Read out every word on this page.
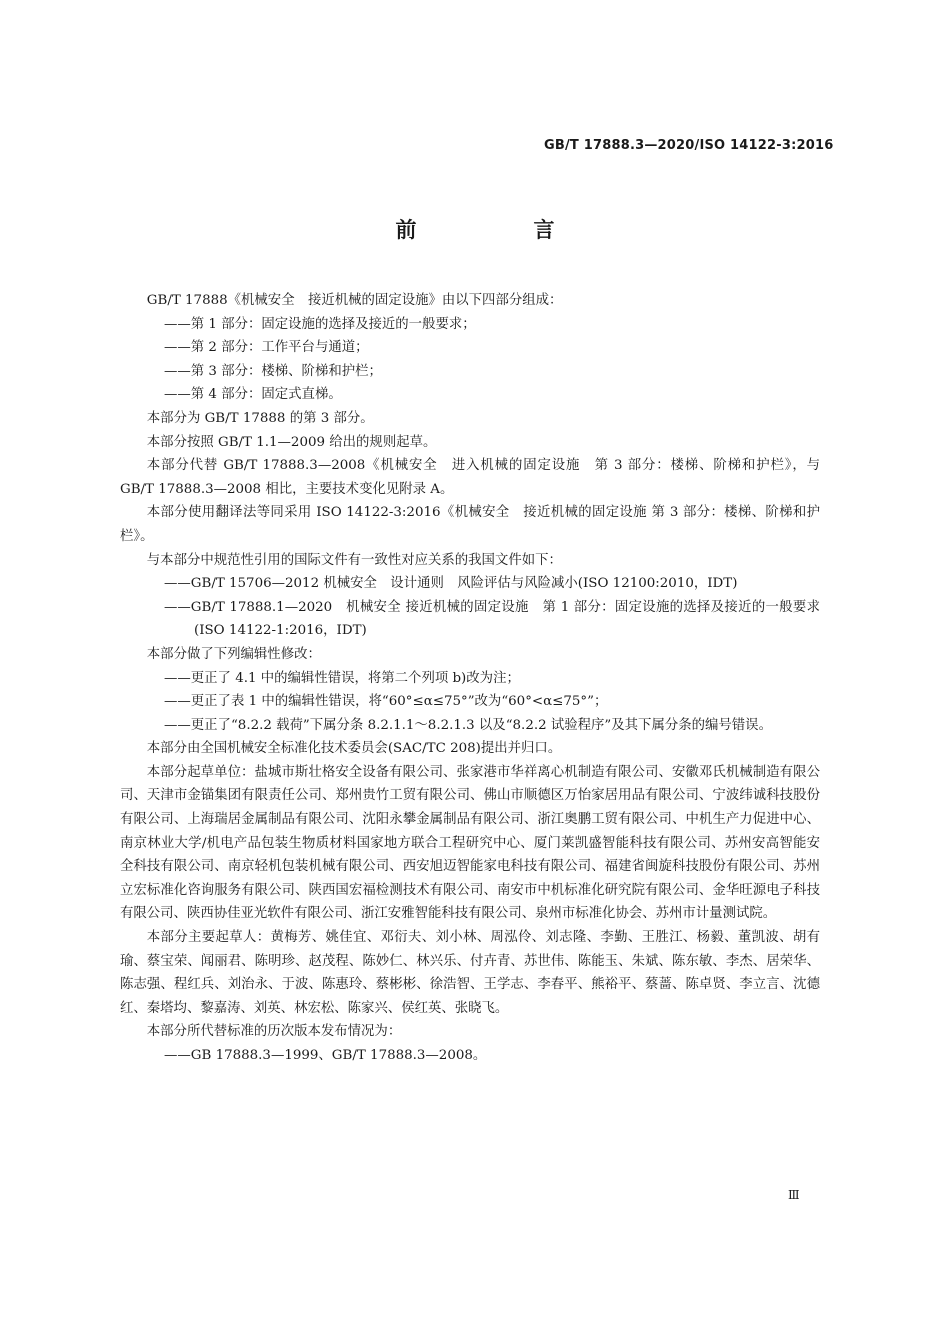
GB/T 17888.3—2020/ISO 14122-3:2016
前　言

GB/T 17888《机械安全　接近机械的固定设施》由以下四部分组成：

——第 1 部分：固定设施的选择及接近的一般要求；

——第 2 部分：工作平台与通道；

——第 3 部分：楼梯、阶梯和护栏；

——第 4 部分：固定式直梯。

本部分为 GB/T 17888 的第 3 部分。

本部分按照 GB/T 1.1—2009 给出的规则起草。

本部分代替 GB/T 17888.3—2008《机械安全　进入机械的固定设施　第 3 部分：楼梯、阶梯和护栏》，与 GB/T 17888.3—2008 相比，主要技术变化见附录 A。

本部分使用翻译法等同采用 ISO 14122-3:2016《机械安全　接近机械的固定设施 第 3 部分：楼梯、阶梯和护栏》。

与本部分中规范性引用的国际文件有一致性对应关系的我国文件如下：

——GB/T 15706—2012 机械安全　设计通则　风险评估与风险减小(ISO 12100:2010，IDT)

——GB/T 17888.1—2020　机械安全 接近机械的固定设施　第 1 部分：固定设施的选择及接近的一般要求(ISO 14122-1:2016，IDT)

本部分做了下列编辑性修改：

——更正了 4.1 中的编辑性错误，将第二个列项 b)改为注；

——更正了表 1 中的编辑性错误，将“60°≤α≤75°”改为“60°<α≤75°”；

——更正了“8.2.2 载荷”下属分条 8.2.1.1～8.2.1.3 以及“8.2.2 试验程序”及其下属分条的编号错误。

本部分由全国机械安全标准化技术委员会(SAC/TC 208)提出并归口。

本部分起草单位：盐城市斯壮格安全设备有限公司、张家港市华祥离心机制造有限公司、安徽邓氏机械制造有限公司、天津市金锚集团有限责任公司、郑州贵竹工贸有限公司、佛山市顺德区万怡家居用品有限公司、宁波纬诚科技股份有限公司、上海瑞居金属制品有限公司、沈阳永攀金属制品有限公司、浙江奥鹏工贸有限公司、中机生产力促进中心、南京林业大学/机电产品包装生物质材料国家地方联合工程研究中心、厦门莱凯盛智能科技有限公司、苏州安高智能安全科技有限公司、南京轻机包装机械有限公司、西安旭迈智能家电科技有限公司、福建省闽旋科技股份有限公司、苏州立宏标准化咨询服务有限公司、陕西国宏福检测技术有限公司、南安市中机标准化研究院有限公司、金华旺源电子科技有限公司、陕西协佳亚光软件有限公司、浙江安雅智能科技有限公司、泉州市标准化协会、苏州市计量测试院。

本部分主要起草人：黄梅芳、姚佳宜、邓衍夫、刘小林、周泓伶、刘志隆、李勤、王胜江、杨毅、董凯波、胡有瑜、蔡宝荣、闻丽君、陈明珍、赵茂程、陈妙仁、林兴乐、付卉青、苏世伟、陈能玉、朱斌、陈东敏、李杰、居荣华、陈志强、程红兵、刘治永、于波、陈惠玲、蔡彬彬、徐浩智、王学志、李春平、熊裕平、蔡蔷、陈卓贤、李立言、沈德红、秦塔均、黎嘉涛、刘英、林宏松、陈家兴、侯红英、张晓飞。

本部分所代替标准的历次版本发布情况为：

——GB 17888.3—1999、GB/T 17888.3—2008。

Ⅲ
